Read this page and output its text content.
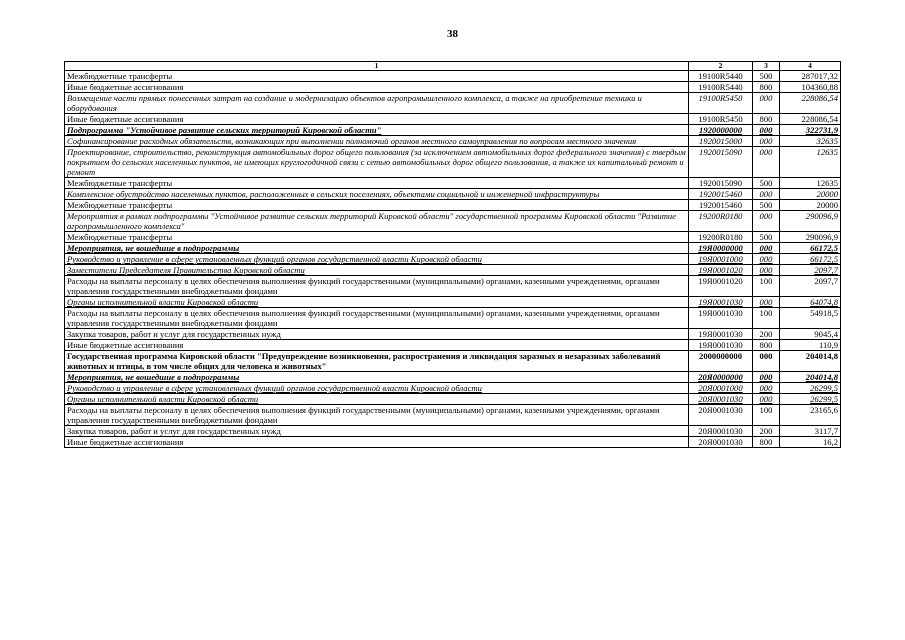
38
1	2	3	4
Межбюджетные трансферты	19100R5440	500	287017,32
Иные бюджетные ассигнования	19100R5440	800	104360,88
Возмещение части прямых понесенных затрат на создание и модернизацию объектов агропромышленного комплекса, а также на приобретение техники и оборудования	19100R5450	000	228086,54
Иные бюджетные ассигнования	19100R5450	800	228086,54
Подпрограмма "Устойчивое развитие сельских территорий Кировской области"	1920000000	000	322731,9
Софинансирование расходных обязательств, возникающих при выполнении полномочий органов местного самоуправления по вопросам местного значения	1920015000	000	32635
Проектирование, строительство, реконструкция автомобильных дорог общего пользования (за исключением автомобильных дорог федерального значения) с твердым покрытием до сельских населенных пунктов, не имеющих круглогодичной связи с сетью автомобильных дорог общего пользования, а также их капитальный ремонт и ремонт	1920015090	000	12635
Межбюджетные трансферты	1920015090	500	12635
Комплексное обустройство населенных пунктов, расположенных в сельских поселениях, объектами социальной и инженерной инфраструктуры	1920015460	000	20000
Межбюджетные трансферты	1920015460	500	20000
Мероприятия в рамках подпрограммы "Устойчивое развитие сельских территорий Кировской области" государственной программы Кировской области "Развитие агропромышленного комплекса"	19200R0180	000	290096,9
Межбюджетные трансферты	19200R0180	500	290096,9
Мероприятия, не вошедшие в подпрограммы	19Я0000000	000	66172,5
Руководство и управление в сфере установленных функций органов государственной власти Кировской области	19Я0001000	000	66172,5
Заместители Председателя Правительства Кировской области	19Я0001020	000	2097,7
Расходы на выплаты персоналу в целях обеспечения выполнения функций государственными (муниципальными) органами, казенными учреждениями, органами управления государственными внебюджетными фондами	19Я0001020	100	2097,7
Органы исполнительной власти Кировской области	19Я0001030	000	64074,8
Расходы на выплаты персоналу в целях обеспечения выполнения функций государственными (муниципальными) органами, казенными учреждениями, органами управления государственными внебюджетными фондами	19Я0001030	100	54918,5
Закупка товаров, работ и услуг для государственных нужд	19Я0001030	200	9045,4
Иные бюджетные ассигнования	19Я0001030	800	110,9
Государственная программа Кировской области "Предупреждение возникновения, распространения и ликвидация заразных и незаразных заболеваний животных и птицы, в том числе общих для человека и животных"	2000000000	000	204014,8
Мероприятия, не вошедшие в подпрограммы	20Я0000000	000	204014,8
Руководство и управление в сфере установленных функций органов государственной власти Кировской области	20Я0001000	000	26299,5
Органы исполнительной власти Кировской области	20Я0001030	000	26299,5
Расходы на выплаты персоналу в целях обеспечения выполнения функций государственными (муниципальными) органами, казенными учреждениями, органами управления государственными внебюджетными фондами	20Я0001030	100	23165,6
Закупка товаров, работ и услуг для государственных нужд	20Я0001030	200	3117,7
Иные бюджетные ассигнования	20Я0001030	800	16,2
